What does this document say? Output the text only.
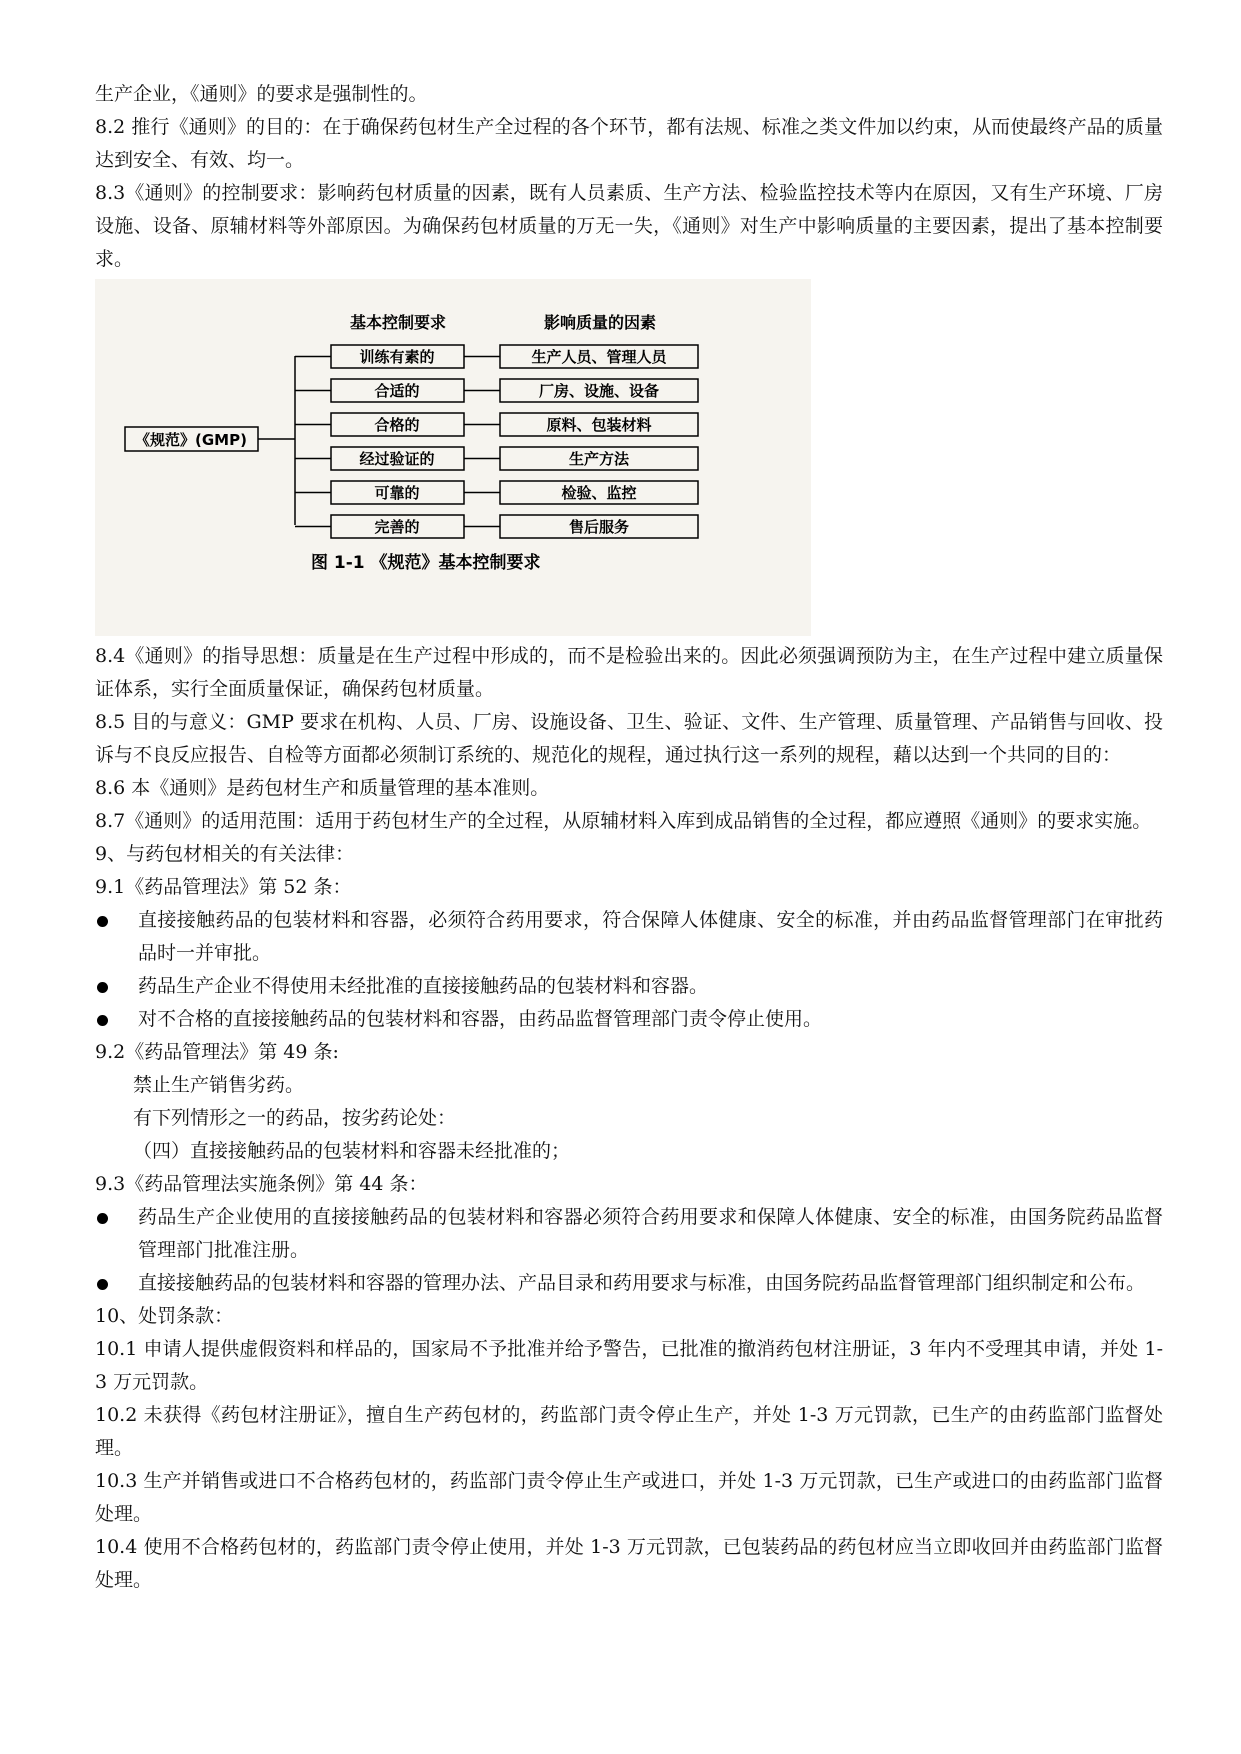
生产企业，《通则》的要求是强制性的。

8.2 推行《通则》的目的：在于确保药包材生产全过程的各个环节，都有法规、标准之类文件加以约束，从而使最终产品的质量达到安全、有效、均一。

8.3《通则》的控制要求：影响药包材质量的因素，既有人员素质、生产方法、检验监控技术等内在原因，又有生产环境、厂房设施、设备、原辅材料等外部原因。为确保药包材质量的万无一失，《通则》对生产中影响质量的主要因素，提出了基本控制要求。

基本控制要求	影响质量的因素
《规范》(GMP)
训练有素的	生产人员、管理人员
合适的	厂房、设施、设备
合格的	原料、包装材料
经过验证的	生产方法
可靠的	检验、监控
完善的	售后服务
图 1-1 《规范》基本控制要求

8.4《通则》的指导思想：质量是在生产过程中形成的，而不是检验出来的。因此必须强调预防为主，在生产过程中建立质量保证体系，实行全面质量保证，确保药包材质量。

8.5 目的与意义：GMP 要求在机构、人员、厂房、设施设备、卫生、验证、文件、生产管理、质量管理、产品销售与回收、投诉与不良反应报告、自检等方面都必须制订系统的、规范化的规程，通过执行这一系列的规程，藉以达到一个共同的目的：

8.6 本《通则》是药包材生产和质量管理的基本准则。

8.7《通则》的适用范围：适用于药包材生产的全过程，从原辅材料入库到成品销售的全过程，都应遵照《通则》的要求实施。

9、与药包材相关的有关法律：

9.1《药品管理法》第 52 条：

直接接触药品的包装材料和容器，必须符合药用要求，符合保障人体健康、安全的标准，并由药品监督管理部门在审批药品时一并审批。
药品生产企业不得使用未经批准的直接接触药品的包装材料和容器。
对不合格的直接接触药品的包装材料和容器，由药品监督管理部门责令停止使用。

9.2《药品管理法》第 49 条:

禁止生产销售劣药。

有下列情形之一的药品，按劣药论处：

（四）直接接触药品的包装材料和容器未经批准的；

9.3《药品管理法实施条例》第 44 条：

药品生产企业使用的直接接触药品的包装材料和容器必须符合药用要求和保障人体健康、安全的标准，由国务院药品监督管理部门批准注册。
直接接触药品的包装材料和容器的管理办法、产品目录和药用要求与标准，由国务院药品监督管理部门组织制定和公布。

10、处罚条款：

10.1 申请人提供虚假资料和样品的，国家局不予批准并给予警告，已批准的撤消药包材注册证，3 年内不受理其申请，并处 1-3 万元罚款。

10.2 未获得《药包材注册证》，擅自生产药包材的，药监部门责令停止生产，并处 1-3 万元罚款，已生产的由药监部门监督处理。

10.3 生产并销售或进口不合格药包材的，药监部门责令停止生产或进口，并处 1-3 万元罚款，已生产或进口的由药监部门监督处理。

10.4 使用不合格药包材的，药监部门责令停止使用，并处 1-3 万元罚款，已包装药品的药包材应当立即收回并由药监部门监督处理。
